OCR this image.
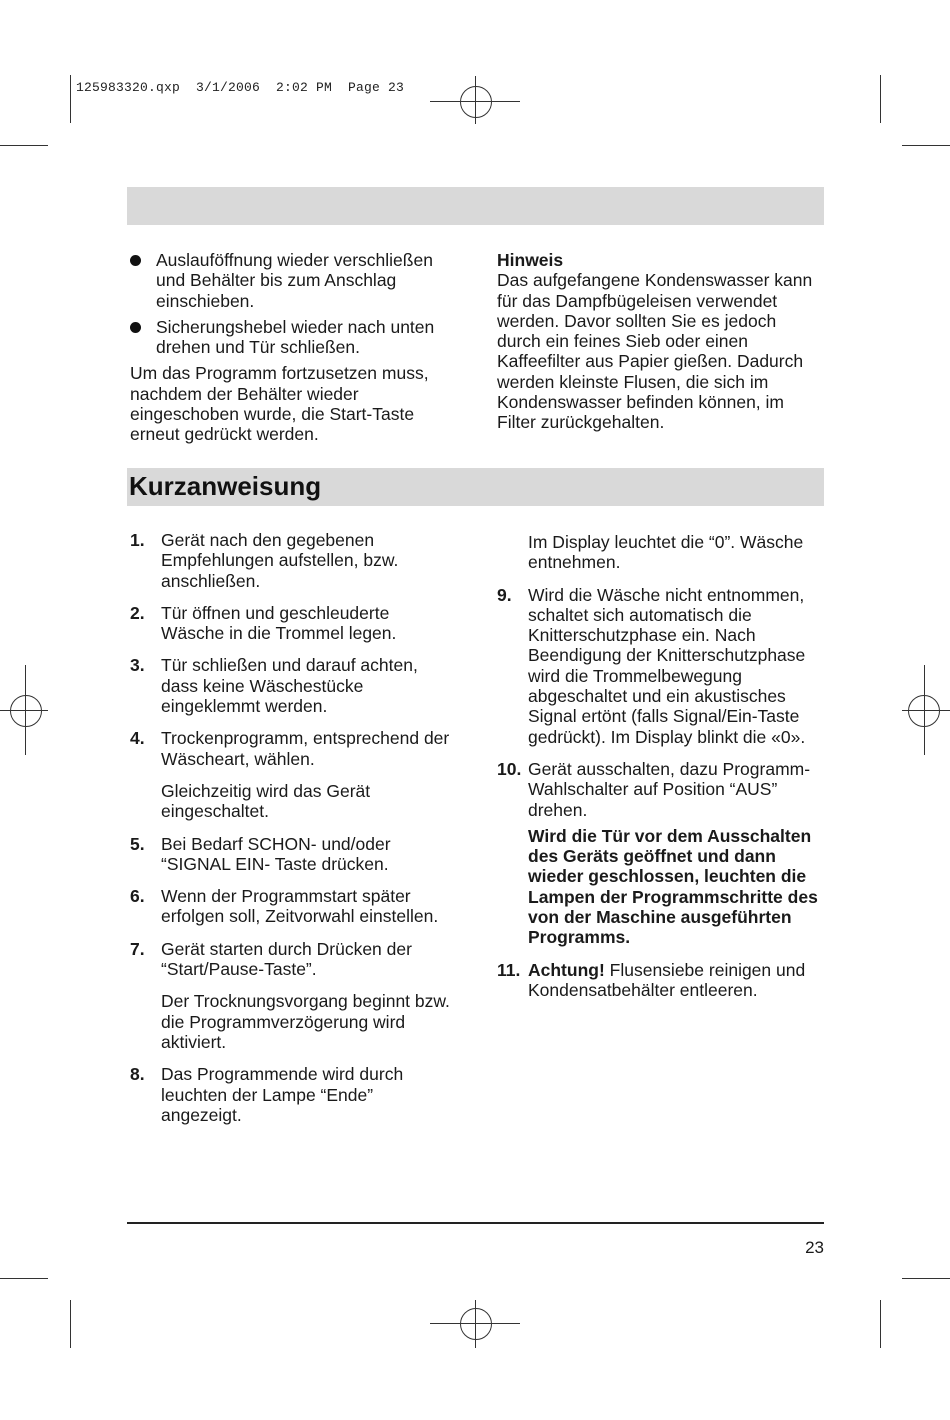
125983320.qxp  3/1/2006  2:02 PM  Page 23
Auslauföffnung wieder verschließen und Behälter bis zum Anschlag einschieben.
Sicherungshebel wieder nach unten drehen und Tür schließen.
Um das Programm fortzusetzen muss, nachdem der Behälter wieder eingeschoben wurde, die Start-Taste erneut gedrückt werden.
Hinweis
Das aufgefangene Kondenswasser kann für das Dampfbügeleisen verwendet werden. Davor sollten Sie es jedoch durch ein feines Sieb oder einen Kaffeefilter aus Papier gießen. Dadurch werden kleinste Flusen, die sich im Kondenswasser befinden können, im Filter zurückgehalten.
Kurzanweisung
1. Gerät nach den gegebenen Empfehlungen aufstellen, bzw. anschließen.
2. Tür öffnen und geschleuderte Wäsche in die Trommel legen.
3. Tür schließen und darauf achten, dass keine Wäschestücke eingeklemmt werden.
4. Trockenprogramm, entsprechend der Wäscheart, wählen.
Gleichzeitig wird das Gerät eingeschaltet.
5. Bei Bedarf SCHON- und/oder “SIGNAL EIN- Taste drücken.
6. Wenn der Programmstart später erfolgen soll, Zeitvorwahl einstellen.
7. Gerät starten durch Drücken der “Start/Pause-Taste”.
Der Trocknungsvorgang beginnt bzw. die Programmverzögerung wird aktiviert.
8. Das Programmende wird durch leuchten der Lampe “Ende” angezeigt.
Im Display leuchtet die “0”. Wäsche entnehmen.
9. Wird die Wäsche nicht entnommen, schaltet sich automatisch die Knitterschutzphase ein. Nach Beendigung der Knitterschutzphase wird die Trommelbewegung abgeschaltet und ein akustisches Signal ertönt (falls Signal/Ein-Taste gedrückt). Im Display blinkt die «0».
10. Gerät ausschalten, dazu Programm-Wahlschalter auf Position “AUS” drehen.
Wird die Tür vor dem Ausschalten des Geräts geöffnet und dann wieder geschlossen, leuchten die Lampen der Programmschritte des von der Maschine ausgeführten Programms.
11. Achtung! Flusensiebe reinigen und Kondensatbehälter entleeren.
23
